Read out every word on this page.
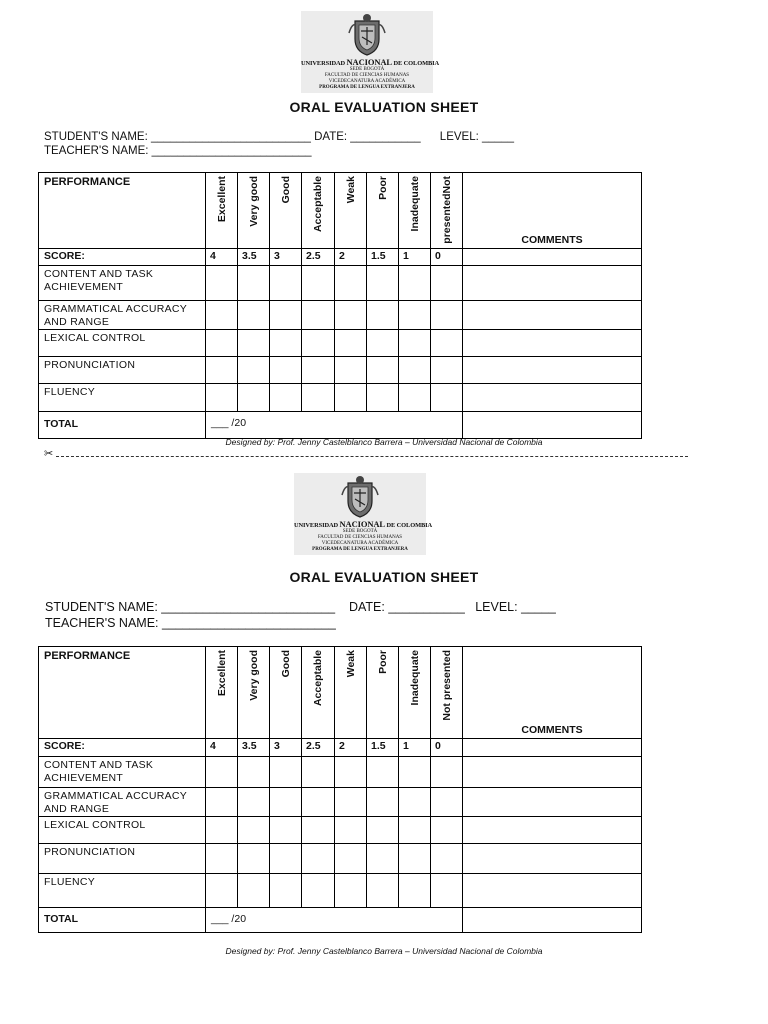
UNIVERSIDAD NACIONAL DE COLOMBIA
SEDE BOGOTÁ
FACULTAD DE CIENCIAS HUMANAS
VICEDECANATURA ACADÉMICA
PROGRAMA DE LENGUA EXTRANJERA
ORAL EVALUATION SHEET
STUDENT'S NAME: _________________________ DATE: ___________      LEVEL: _____
TEACHER'S NAME: _________________________
PERFORMANCE	Excellent	Very good	Good	Acceptable	Weak	Poor	Inadequate	presentedNot	COMMENTS
SCORE:	4	3.5	3	2.5	2	1.5	1	0	
CONTENT AND TASK ACHIEVEMENT									
GRAMMATICAL ACCURACY AND RANGE									
LEXICAL CONTROL									
PRONUNCIATION									
FLUENCY									
TOTAL	___ /20								
Designed by: Prof. Jenny Castelblanco Barrera – Universidad Nacional de Colombia
✂
UNIVERSIDAD NACIONAL DE COLOMBIA
SEDE BOGOTÁ
FACULTAD DE CIENCIAS HUMANAS
VICEDECANATURA ACADÉMICA
PROGRAMA DE LENGUA EXTRANJERA
ORAL EVALUATION SHEET
STUDENT'S NAME: _________________________    DATE: ___________   LEVEL: _____
TEACHER'S NAME: _________________________
PERFORMANCE	Excellent	Very good	Good	Acceptable	Weak	Poor	Inadequate	Not presented	COMMENTS
SCORE:	4	3.5	3	2.5	2	1.5	1	0	
CONTENT AND TASK ACHIEVEMENT									
GRAMMATICAL ACCURACY AND RANGE									
LEXICAL CONTROL									
PRONUNCIATION									
FLUENCY									
TOTAL	___ /20								
Designed by: Prof. Jenny Castelblanco Barrera – Universidad Nacional de Colombia
